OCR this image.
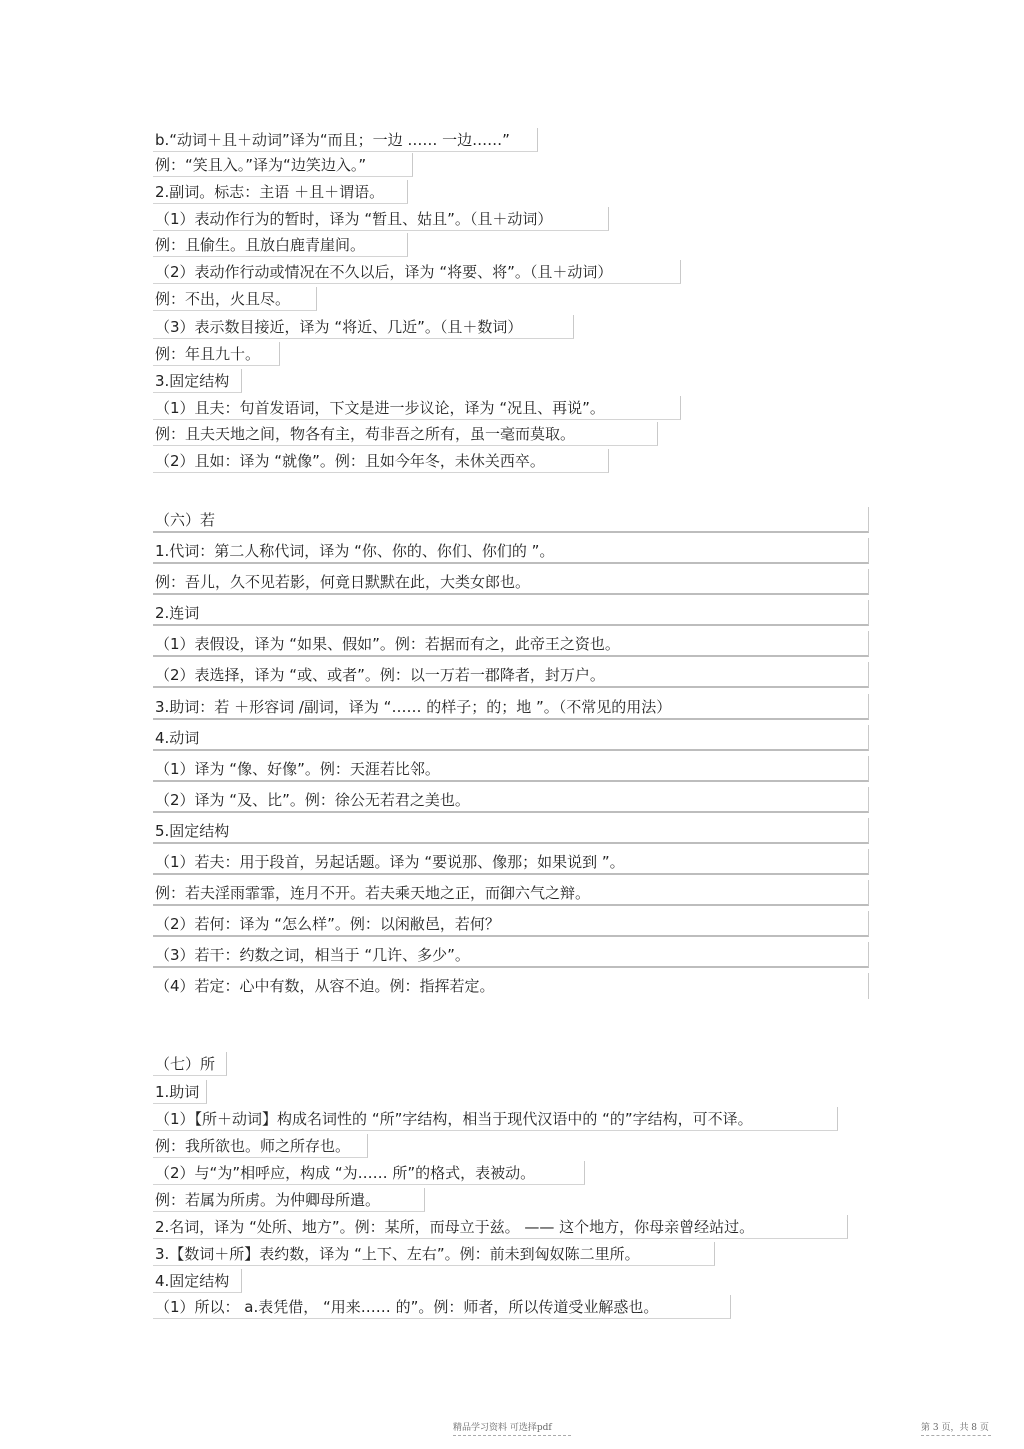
b.“动词＋且＋动词”译为“而且；一边 …… 一边……”
例：“笑且入。”译为“边笑边入。”
2.副词。标志：主语 ＋且＋谓语。
（1）表动作行为的暂时，译为 “暂且、姑且”。（且＋动词）
例：且偷生。且放白鹿青崖间。
（2）表动作行动或情况在不久以后，译为 “将要、将”。（且＋动词）
例：不出，火且尽。
（3）表示数目接近，译为 “将近、几近”。（且＋数词）
例：年且九十。
3.固定结构
（1）且夫：句首发语词，下文是进一步议论，译为 “况且、再说”。
例：且夫天地之间，物各有主，苟非吾之所有，虽一毫而莫取。
（2）且如：译为 “就像”。例：且如今年冬，未休关西卒。
（六）若
1.代词：第二人称代词，译为 “你、你的、你们、你们的 ”。
例：吾儿，久不见若影，何竟日默默在此，大类女郎也。
2.连词
（1）表假设，译为 “如果、假如”。例：若据而有之，此帝王之资也。
（2）表选择，译为 “或、或者”。例：以一万若一郡降者，封万户。
3.助词：若 ＋形容词 /副词，译为 “…… 的样子；的；地 ”。（不常见的用法）
4.动词
（1）译为 “像、好像”。例：天涯若比邻。
（2）译为 “及、比”。例：徐公无若君之美也。
5.固定结构
（1）若夫：用于段首，另起话题。译为 “要说那、像那；如果说到 ”。
例：若夫淫雨霏霏，连月不开。若夫乘天地之正，而御六气之辩。
（2）若何：译为 “怎么样”。例：以闲敝邑，若何？
（3）若干：约数之词，相当于 “几许、多少”。
（4）若定：心中有数，从容不迫。例：指挥若定。
（七）所
1.助词
（1）【所＋动词】构成名词性的 “所”字结构，相当于现代汉语中的 “的”字结构，可不译。
例：我所欲也。师之所存也。
（2）与“为”相呼应，构成 “为…… 所”的格式，表被动。
例：若属为所虏。为仲卿母所遣。
2.名词，译为 “处所、地方”。例：某所，而母立于兹。 —— 这个地方，你母亲曾经站过。
3.【数词＋所】表约数，译为 “上下、左右”。例：前未到匈奴陈二里所。
4.固定结构
（1）所以： a.表凭借， “用来…… 的”。例：师者，所以传道受业解惑也。
精品学习资料 可选择pdf	第 3 页，共 8 页
